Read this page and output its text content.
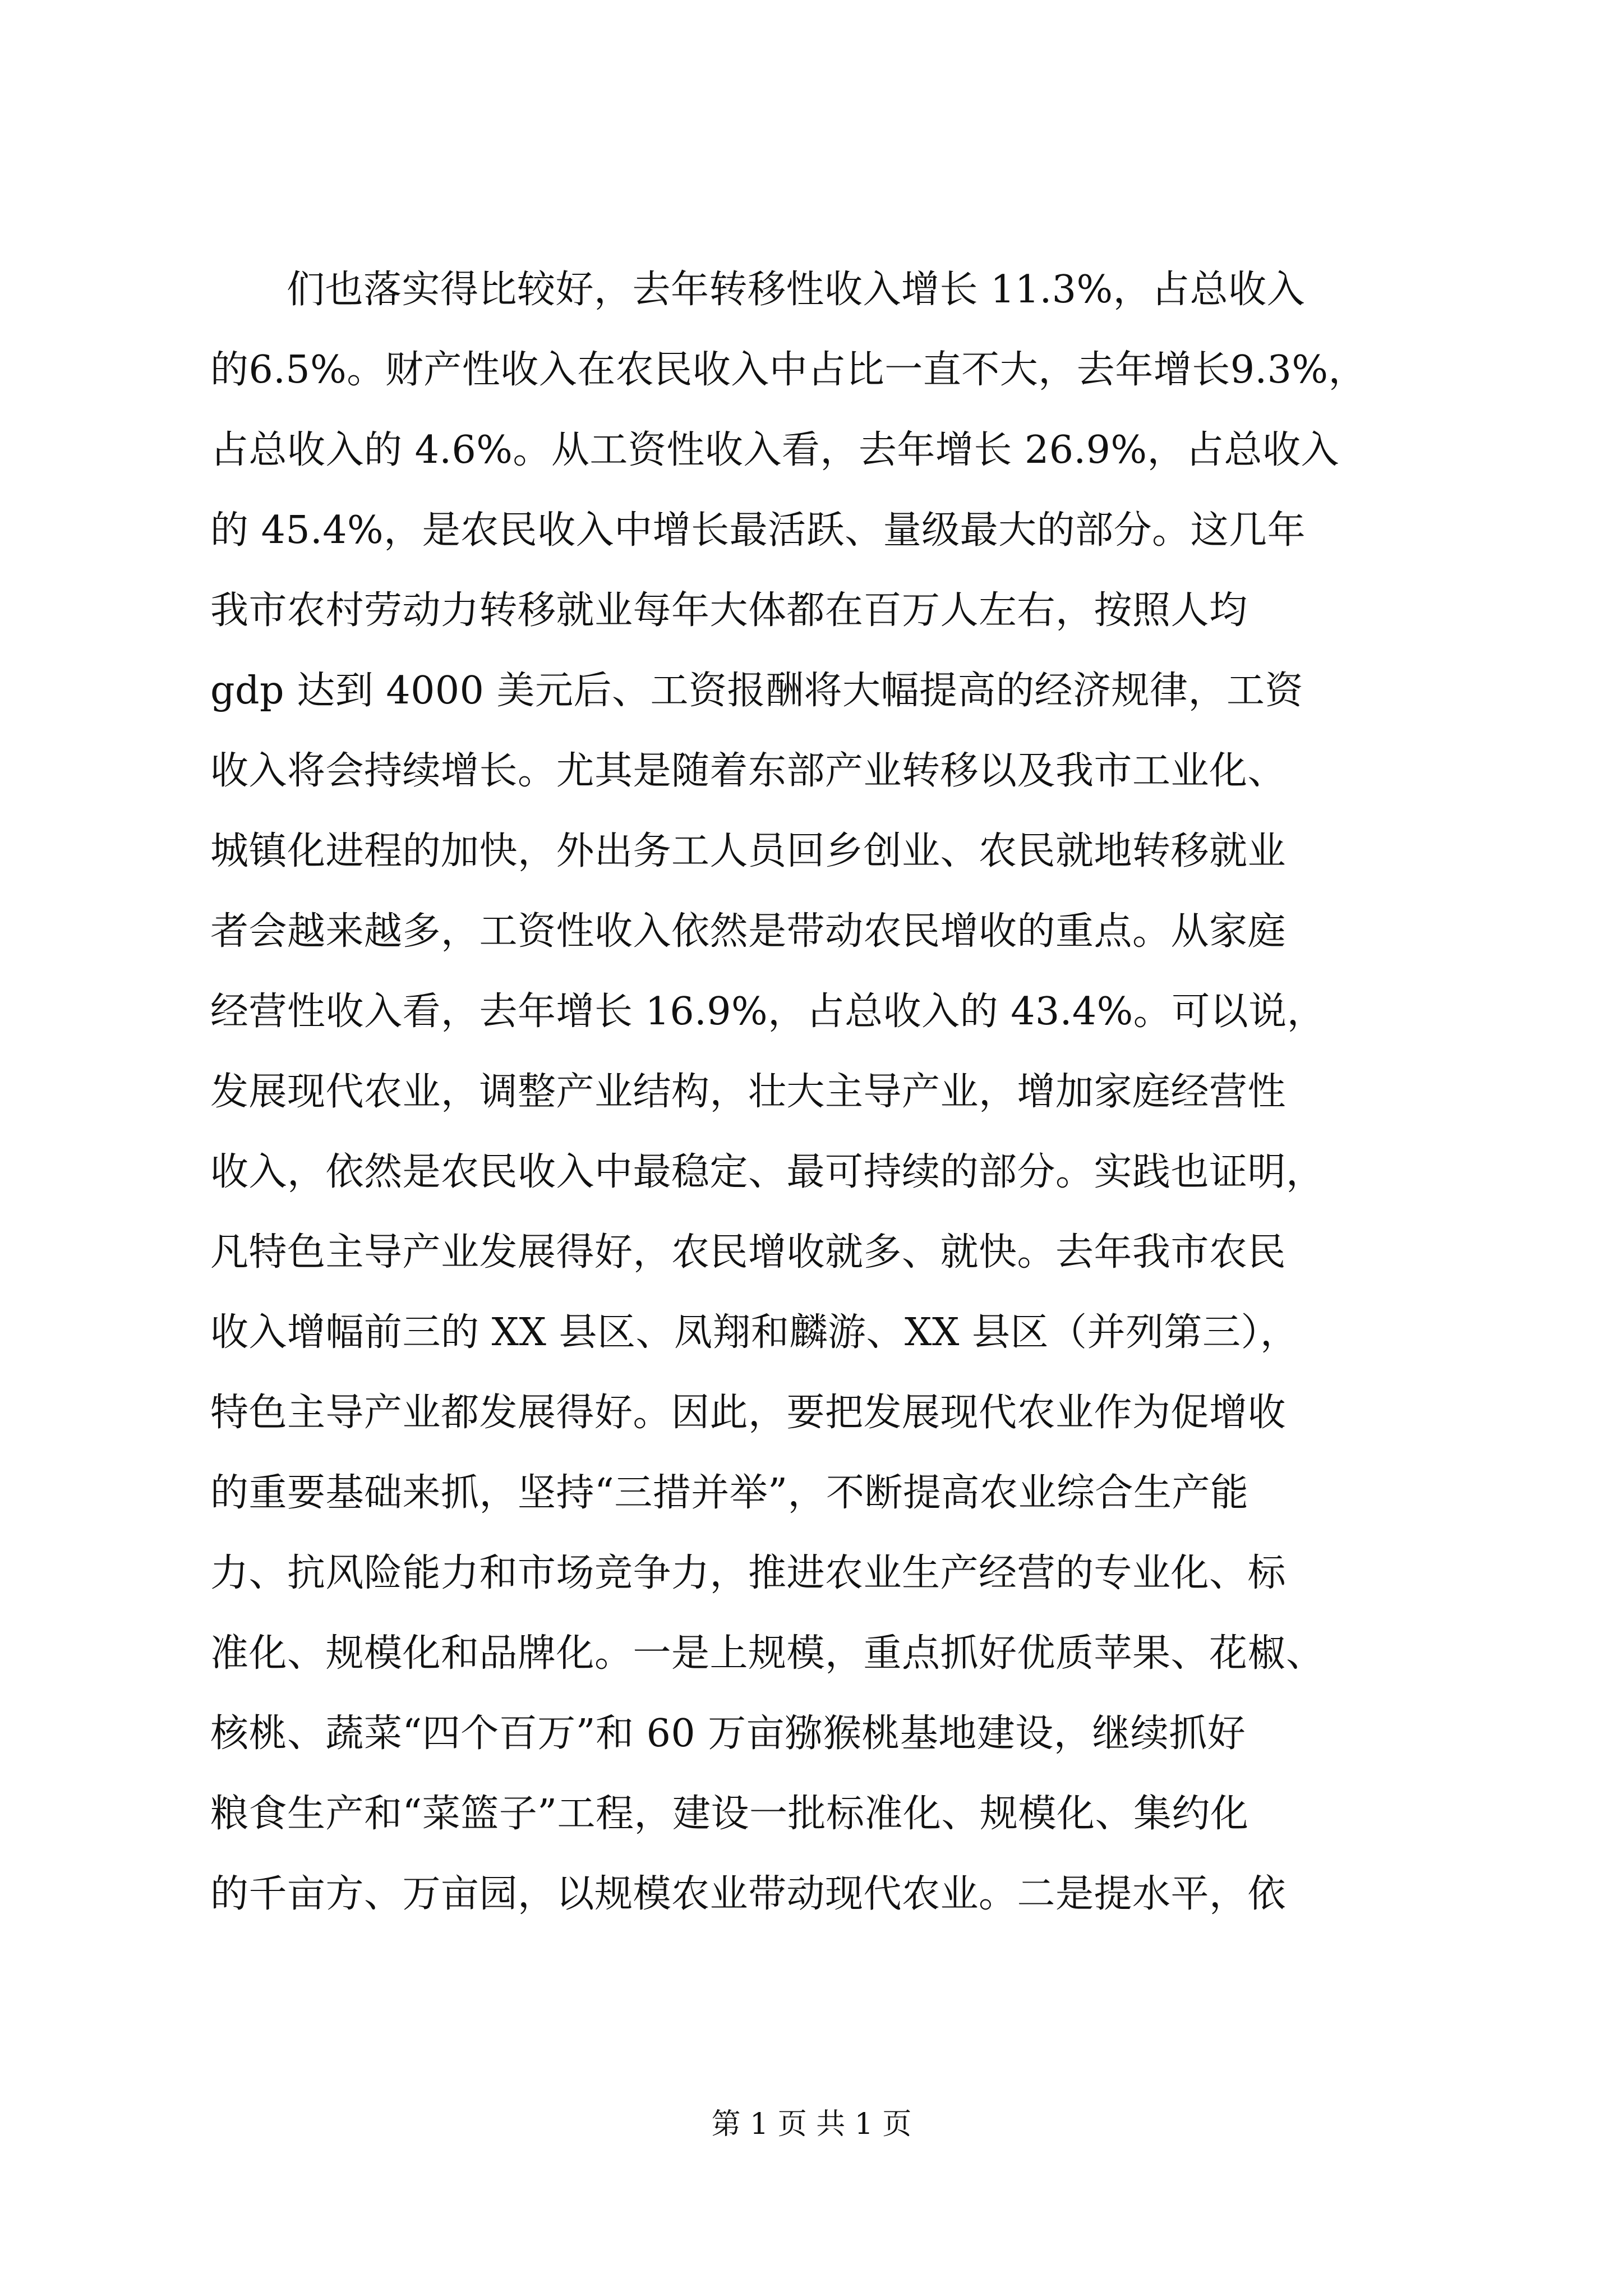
们也落实得比较好，去年转移性收入增长 11.3%，占总收入
的6.5%。财产性收入在农民收入中占比一直不大，去年增长9.3%，
占总收入的 4.6%。从工资性收入看，去年增长 26.9%，占总收入
的 45.4%，是农民收入中增长最活跃、量级最大的部分。这几年
我市农村劳动力转移就业每年大体都在百万人左右，按照人均
gdp 达到 4000 美元后、工资报酬将大幅提高的经济规律，工资
收入将会持续增长。尤其是随着东部产业转移以及我市工业化、
城镇化进程的加快，外出务工人员回乡创业、农民就地转移就业
者会越来越多，工资性收入依然是带动农民增收的重点。从家庭
经营性收入看，去年增长 16.9%，占总收入的 43.4%。可以说，
发展现代农业，调整产业结构，壮大主导产业，增加家庭经营性
收入，依然是农民收入中最稳定、最可持续的部分。实践也证明，
凡特色主导产业发展得好，农民增收就多、就快。去年我市农民
收入增幅前三的 XX 县区、凤翔和麟游、XX 县区（并列第三），
特色主导产业都发展得好。因此，要把发展现代农业作为促增收
的重要基础来抓，坚持“三措并举”，不断提高农业综合生产能
力、抗风险能力和市场竞争力，推进农业生产经营的专业化、标
准化、规模化和品牌化。一是上规模，重点抓好优质苹果、花椒、
核桃、蔬菜“四个百万”和 60 万亩猕猴桃基地建设，继续抓好
粮食生产和“菜篮子”工程，建设一批标准化、规模化、集约化
的千亩方、万亩园，以规模农业带动现代农业。二是提水平，依
第 1 页 共 1 页
